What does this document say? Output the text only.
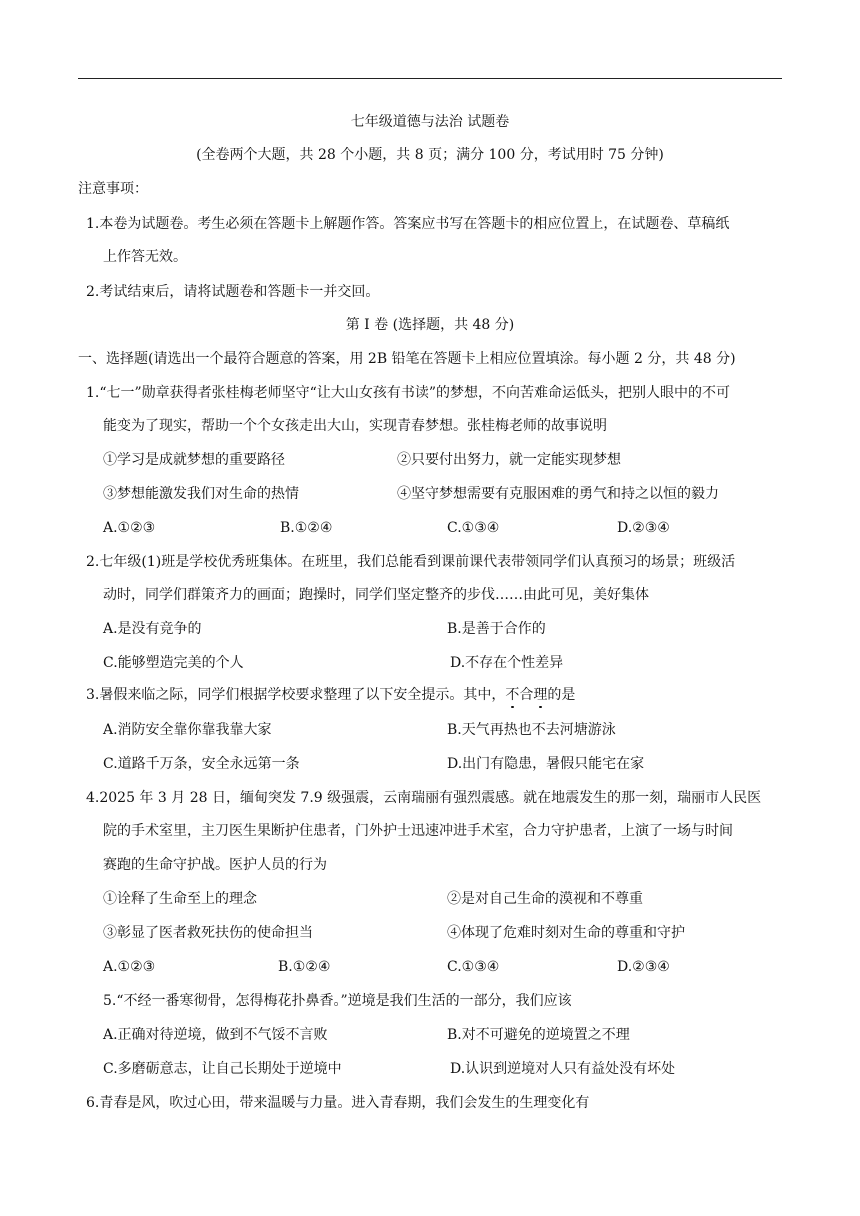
七年级道德与法治 试题卷
(全卷两个大题，共 28 个小题，共 8 页；满分 100 分，考试用时 75 分钟)
注意事项：
1.本卷为试题卷。考生必须在答题卡上解题作答。答案应书写在答题卡的相应位置上，在试题卷、草稿纸
上作答无效。
2.考试结束后，请将试题卷和答题卡一并交回。
第 I 卷 (选择题，共 48 分)
一、选择题(请选出一个最符合题意的答案，用 2B 铅笔在答题卡上相应位置填涂。每小题 2 分，共 48 分)
1.“七一”勋章获得者张桂梅老师坚守“让大山女孩有书读”的梦想，不向苦难命运低头，把别人眼中的不可
能变为了现实，帮助一个个女孩走出大山，实现青春梦想。张桂梅老师的故事说明
①学习是成就梦想的重要路径	②只要付出努力，就一定能实现梦想
③梦想能激发我们对生命的热情	④坚守梦想需要有克服困难的勇气和持之以恒的毅力
A.①②③	B.①②④	C.①③④	D.②③④
2.七年级(1)班是学校优秀班集体。在班里，我们总能看到课前课代表带领同学们认真预习的场景；班级活
动时，同学们群策齐力的画面；跑操时，同学们坚定整齐的步伐……由此可见，美好集体
A.是没有竞争的	B.是善于合作的
C.能够塑造完美的个人	D.不存在个性差异
3.暑假来临之际，同学们根据学校要求整理了以下安全提示。其中，不合理的是
A.消防安全靠你靠我靠大家	B.天气再热也不去河塘游泳
C.道路千万条，安全永远第一条	D.出门有隐患，暑假只能宅在家
4.2025 年 3 月 28 日，缅甸突发 7.9 级强震，云南瑞丽有强烈震感。就在地震发生的那一刻，瑞丽市人民医
院的手术室里，主刀医生果断护住患者，门外护士迅速冲进手术室，合力守护患者，上演了一场与时间
赛跑的生命守护战。医护人员的行为
①诠释了生命至上的理念	②是对自己生命的漠视和不尊重
③彰显了医者救死扶伤的使命担当	④体现了危难时刻对生命的尊重和守护
A.①②③	B.①②④	C.①③④	D.②③④
5.“不经一番寒彻骨，怎得梅花扑鼻香。”逆境是我们生活的一部分，我们应该
A.正确对待逆境，做到不气馁不言败	B.对不可避免的逆境置之不理
C.多磨砺意志，让自己长期处于逆境中	D.认识到逆境对人只有益处没有坏处
6.青春是风，吹过心田，带来温暖与力量。进入青春期，我们会发生的生理变化有
